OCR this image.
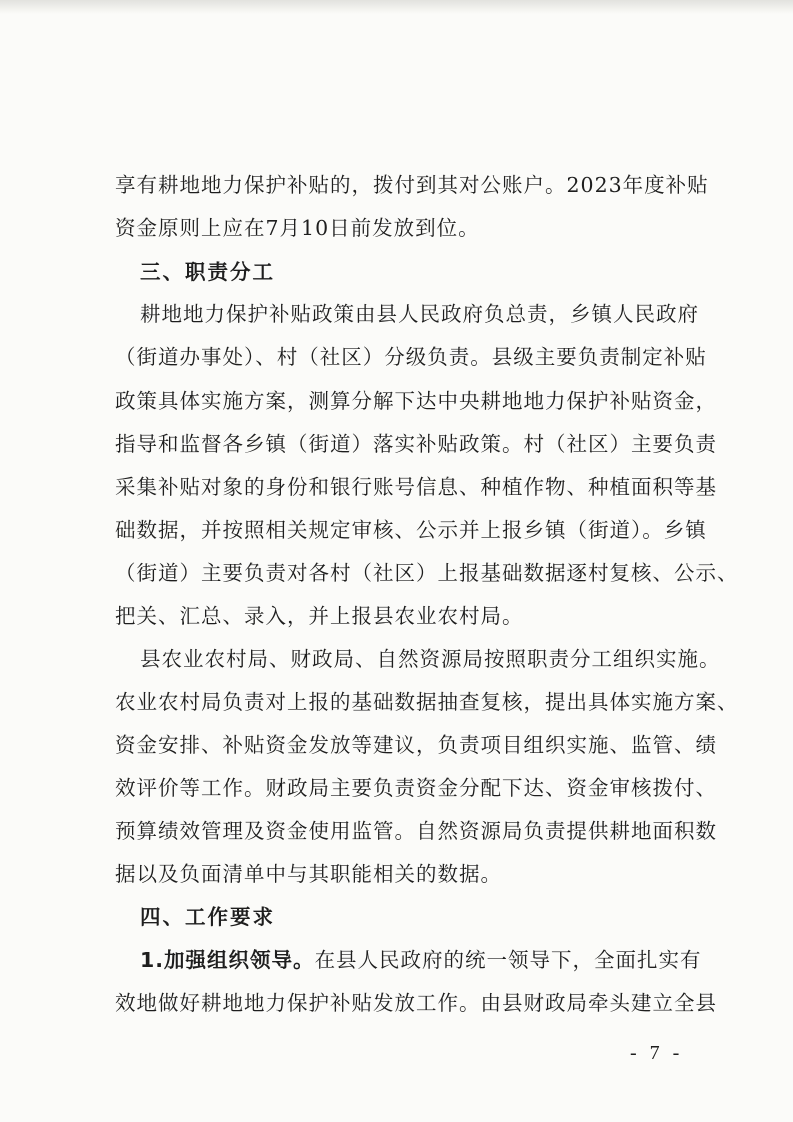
享有耕地地力保护补贴的，拨付到其对公账户。2023年度补贴
资金原则上应在7月10日前发放到位。
三、职责分工
耕地地力保护补贴政策由县人民政府负总责，乡镇人民政府
（街道办事处）、村（社区）分级负责。县级主要负责制定补贴
政策具体实施方案，测算分解下达中央耕地地力保护补贴资金，
指导和监督各乡镇（街道）落实补贴政策。村（社区）主要负责
采集补贴对象的身份和银行账号信息、种植作物、种植面积等基
础数据，并按照相关规定审核、公示并上报乡镇（街道）。乡镇
（街道）主要负责对各村（社区）上报基础数据逐村复核、公示、
把关、汇总、录入，并上报县农业农村局。
县农业农村局、财政局、自然资源局按照职责分工组织实施。
农业农村局负责对上报的基础数据抽查复核，提出具体实施方案、
资金安排、补贴资金发放等建议，负责项目组织实施、监管、绩
效评价等工作。财政局主要负责资金分配下达、资金审核拨付、
预算绩效管理及资金使用监管。自然资源局负责提供耕地面积数
据以及负面清单中与其职能相关的数据。
四、工作要求
1.加强组织领导。在县人民政府的统一领导下，全面扎实有
效地做好耕地地力保护补贴发放工作。由县财政局牵头建立全县
- 7 -
